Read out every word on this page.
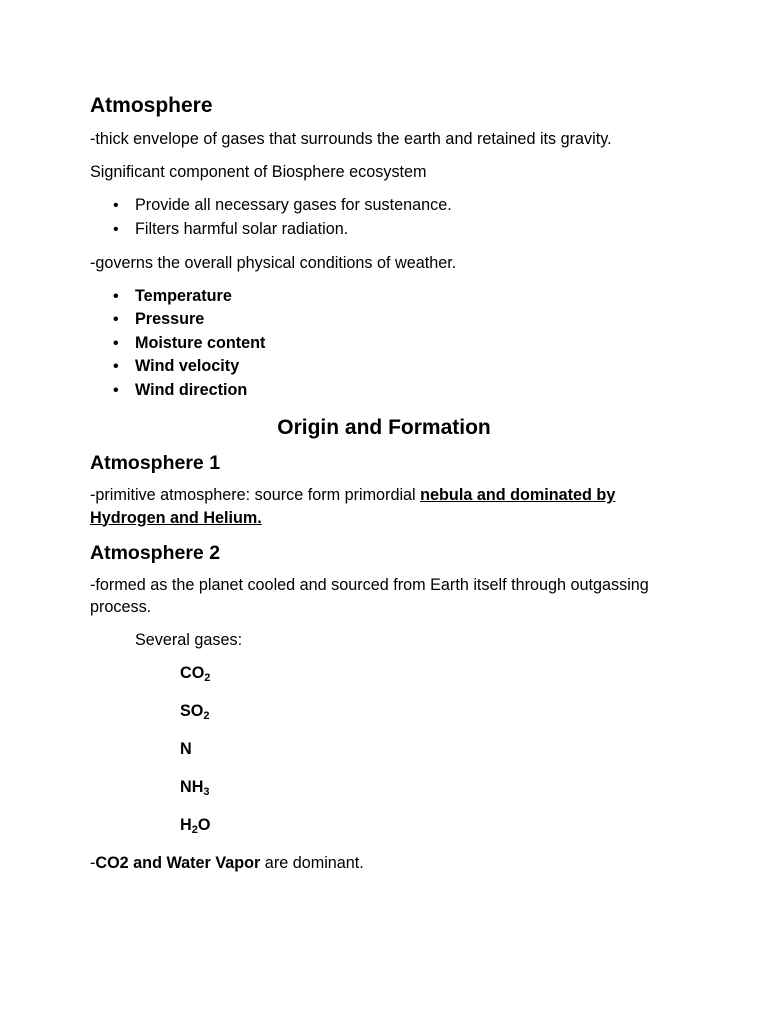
Atmosphere

-thick envelope of gases that surrounds the earth and retained its gravity.

Significant component of Biosphere ecosystem

• Provide all necessary gases for sustenance.
• Filters harmful solar radiation.

-governs the overall physical conditions of weather.

• Temperature
• Pressure
• Moisture content
• Wind velocity
• Wind direction
Origin and Formation
Atmosphere 1

-primitive atmosphere: source form primordial nebula and dominated by Hydrogen and Helium.

Atmosphere 2

-formed as the planet cooled and sourced from Earth itself through outgassing process.

Several gases:

$CO_2$
$SO_2$
N
$NH_3$
$H_2O$

-CO2 and Water Vapor are dominant.
